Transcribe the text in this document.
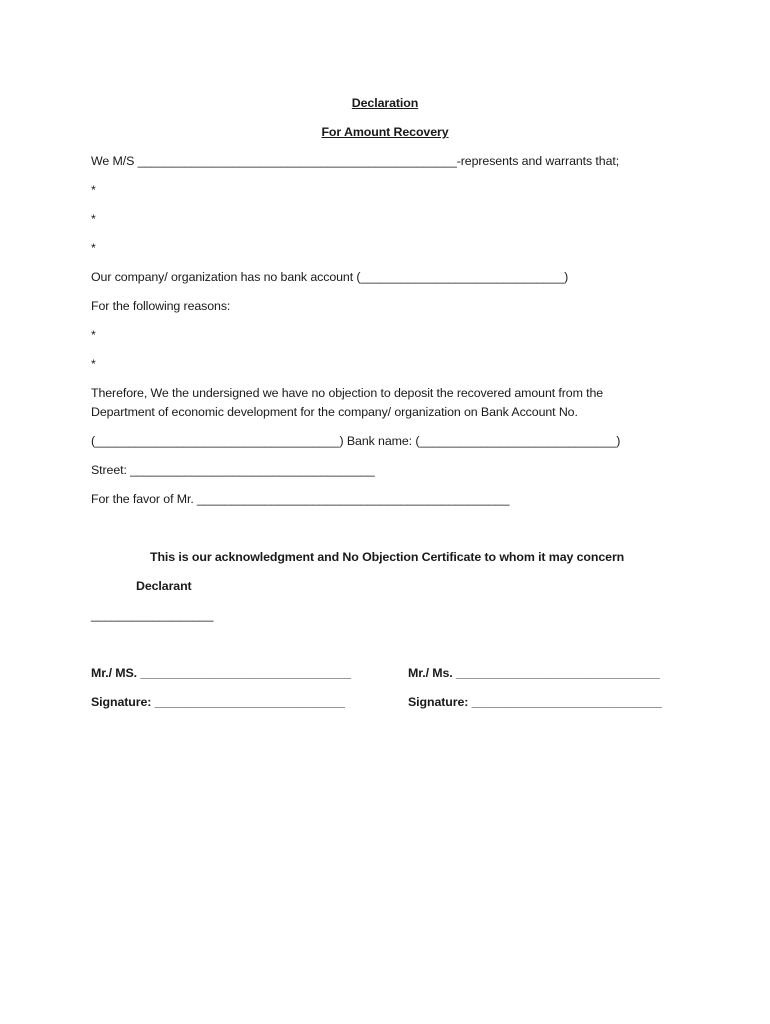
Declaration
For Amount Recovery
We M/S _______________________________________________-represents and warrants that;
*
*
*
Our company/ organization has no bank account (______________________________)
For the following reasons:
*
*
Therefore, We the undersigned we have no objection to deposit the recovered amount from the
Department of economic development for the company/ organization on Bank Account No.
(____________________________________) Bank name: (_____________________________)
Street: ____________________________________
For the favor of Mr. ______________________________________________
This is our acknowledgment and No Objection Certificate to whom it may concern
Declarant
__________________
Mr./ MS. _______________________________	Mr./ Ms. ______________________________
Signature: ____________________________	Signature: ____________________________
